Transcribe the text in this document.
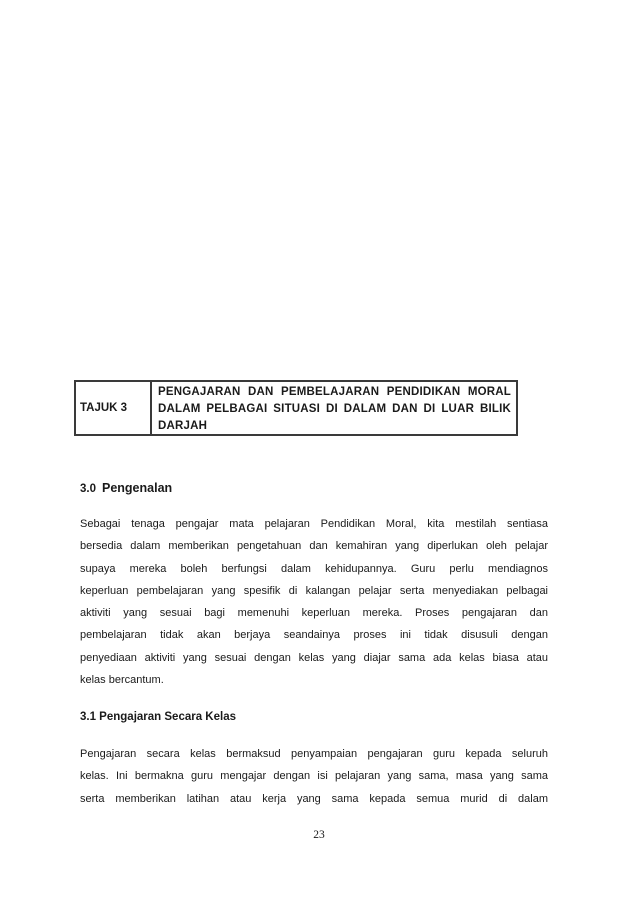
TAJUK 3
PENGAJARAN DAN PEMBELAJARAN PENDIDIKAN MORAL
DALAM PELBAGAI SITUASI DI DALAM DAN DI LUAR BILIK
DARJAH
3.0 Pengenalan
Sebagai tenaga pengajar mata pelajaran Pendidikan Moral, kita mestilah sentiasa
bersedia dalam memberikan pengetahuan dan kemahiran yang diperlukan oleh pelajar
supaya mereka boleh berfungsi dalam kehidupannya. Guru perlu mendiagnos
keperluan pembelajaran yang spesifik di kalangan pelajar serta menyediakan pelbagai
aktiviti yang sesuai bagi memenuhi keperluan mereka. Proses pengajaran dan
pembelajaran tidak akan berjaya seandainya proses ini tidak disusuli dengan
penyediaan aktiviti yang sesuai dengan kelas yang diajar sama ada kelas biasa atau
kelas bercantum.
3.1 Pengajaran Secara Kelas
Pengajaran secara kelas bermaksud penyampaian pengajaran guru kepada seluruh
kelas. Ini bermakna guru mengajar dengan isi pelajaran yang sama, masa yang sama
serta memberikan latihan atau kerja yang sama kepada semua murid di dalam
23
